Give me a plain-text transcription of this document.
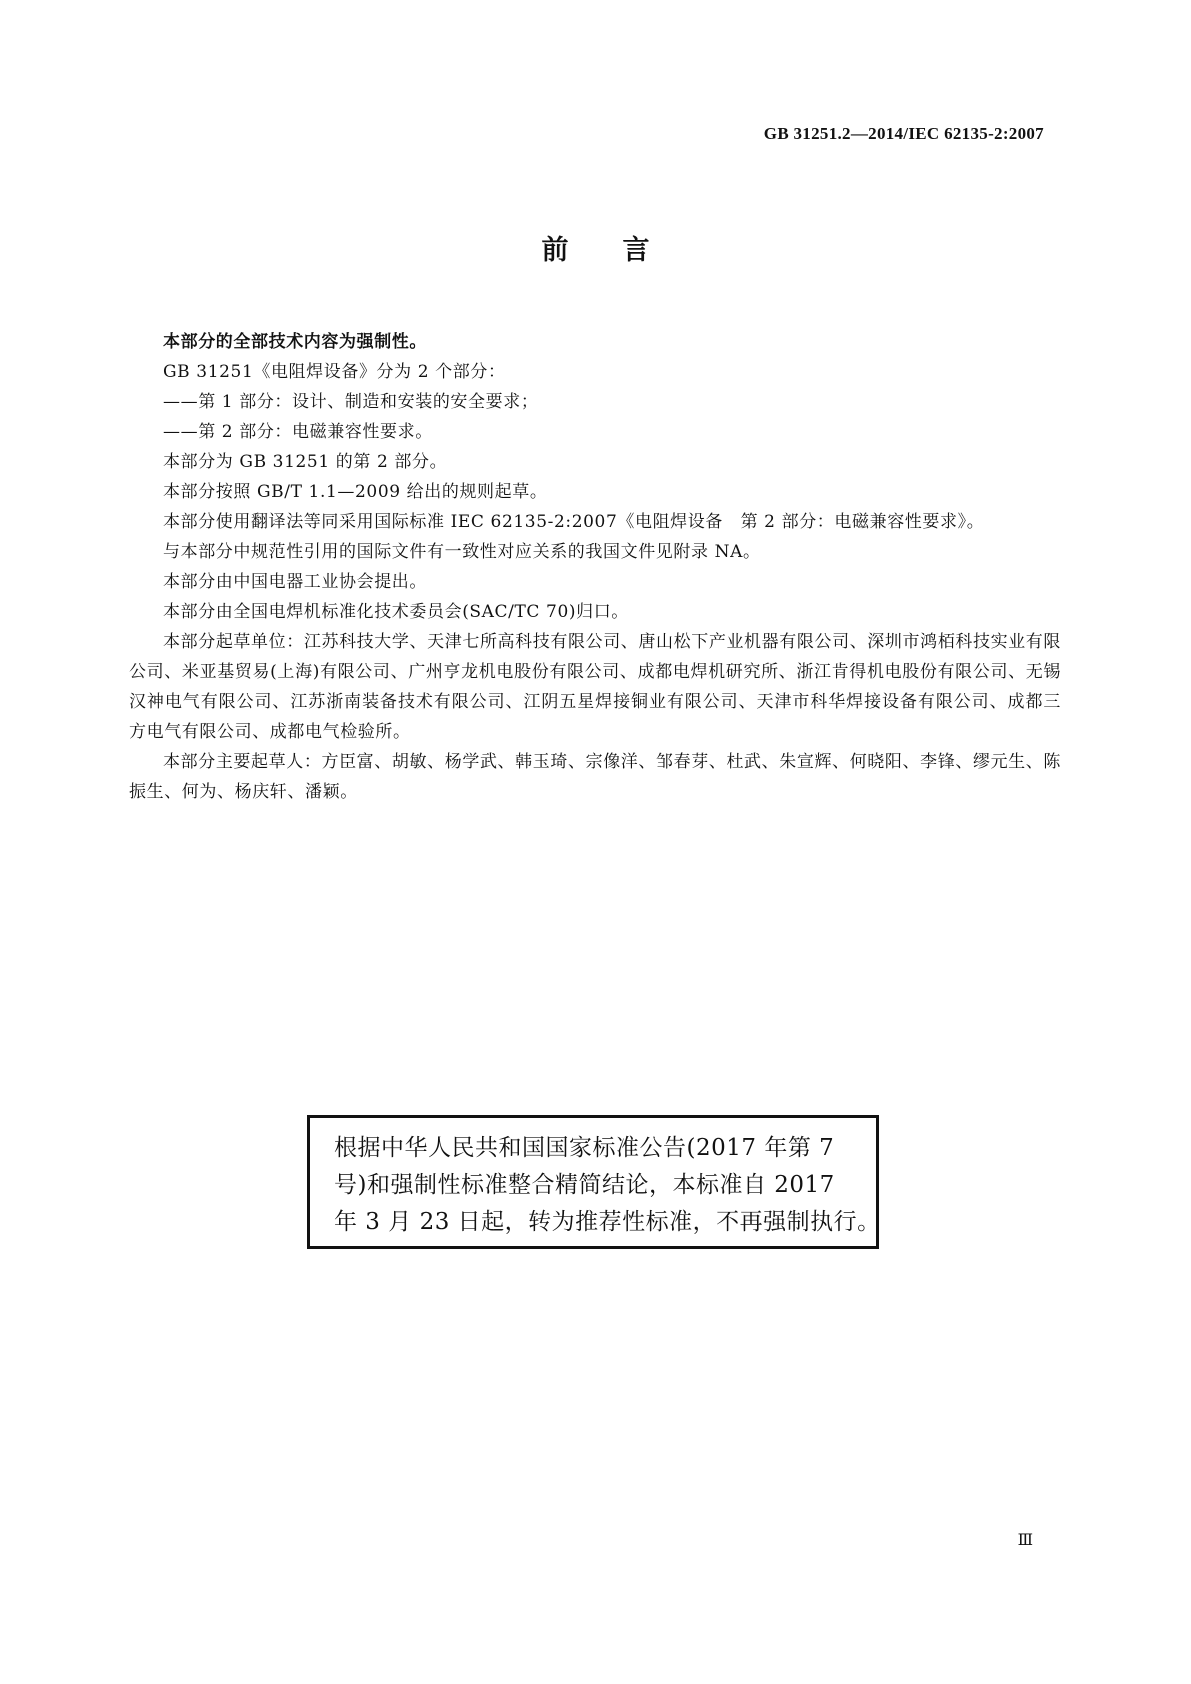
GB 31251.2—2014/IEC 62135-2:2007
前言

本部分的全部技术内容为强制性。

GB 31251《电阻焊设备》分为 2 个部分：

——第 1 部分：设计、制造和安装的安全要求；

——第 2 部分：电磁兼容性要求。

本部分为 GB 31251 的第 2 部分。

本部分按照 GB/T 1.1—2009 给出的规则起草。

本部分使用翻译法等同采用国际标准 IEC 62135-2:2007《电阻焊设备　第 2 部分：电磁兼容性要求》。

与本部分中规范性引用的国际文件有一致性对应关系的我国文件见附录 NA。

本部分由中国电器工业协会提出。

本部分由全国电焊机标准化技术委员会(SAC/TC 70)归口。

本部分起草单位：江苏科技大学、天津七所高科技有限公司、唐山松下产业机器有限公司、深圳市鸿栢科技实业有限公司、米亚基贸易(上海)有限公司、广州亨龙机电股份有限公司、成都电焊机研究所、浙江肯得机电股份有限公司、无锡汉神电气有限公司、江苏浙南装备技术有限公司、江阴五星焊接铜业有限公司、天津市科华焊接设备有限公司、成都三方电气有限公司、成都电气检验所。

本部分主要起草人：方臣富、胡敏、杨学武、韩玉琦、宗像洋、邹春芽、杜武、朱宣辉、何晓阳、李锋、缪元生、陈振生、何为、杨庆轩、潘颖。

根据中华人民共和国国家标准公告(2017 年第 7

号)和强制性标准整合精简结论，本标准自 2017

年 3 月 23 日起，转为推荐性标准，不再强制执行。

Ⅲ
